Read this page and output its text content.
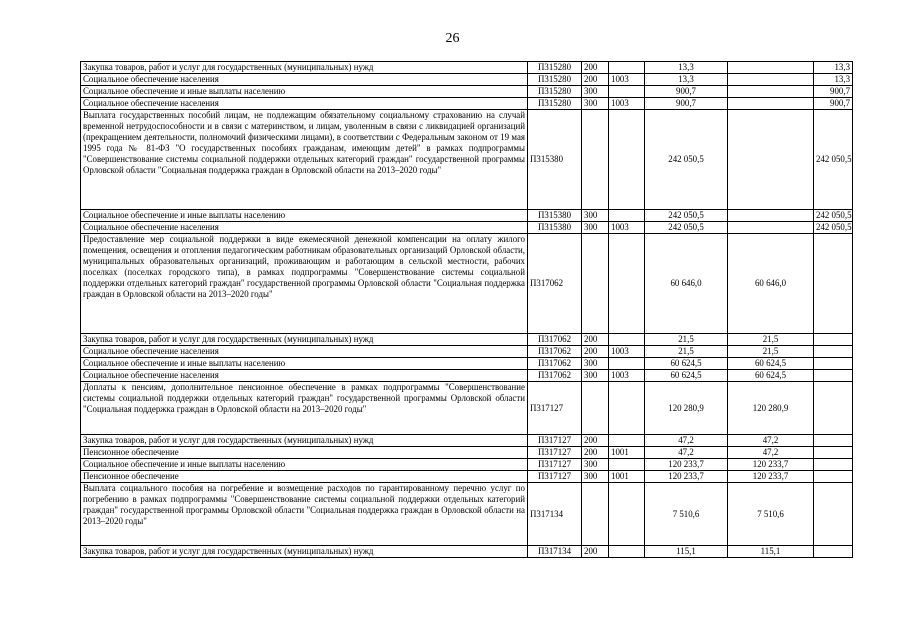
26
Закупка товаров, работ и услуг для государственных (муниципальных) нужд	П315280	200		13,3		13,3
Социальное обеспечение населения	П315280	200	1003	13,3		13,3
Социальное обеспечение и иные выплаты населению	П315280	300		900,7		900,7
Социальное обеспечение населения	П315280	300	1003	900,7		900,7
Выплата государственных пособий лицам, не подлежащим обязательному социальному страхованию на случай временной нетрудоспособности и в связи с материнством, и лицам, уволенным в связи с ликвидацией организаций (прекращением деятельности, полномочий физическими лицами), в соответствии с Федеральным законом от 19 мая 1995 года № 81-ФЗ "О государственных пособиях гражданам, имеющим детей" в рамках подпрограммы "Совершенствование системы социальной поддержки отдельных категорий граждан" государственной программы Орловской области "Социальная поддержка граждан в Орловской области на 2013–2020 годы"	П315380			242 050,5		242 050,5
Социальное обеспечение и иные выплаты населению	П315380	300		242 050,5		242 050,5
Социальное обеспечение населения	П315380	300	1003	242 050,5		242 050,5
Предоставление мер социальной поддержки в виде ежемесячной денежной компенсации на оплату жилого помещения, освещения и отопления педагогическим работникам образовательных организаций Орловской области, муниципальных образовательных организаций, проживающим и работающим в сельской местности, рабочих поселках (поселках городского типа), в рамках подпрограммы "Совершенствование системы социальной поддержки отдельных категорий граждан" государственной программы Орловской области "Социальная поддержка граждан в Орловской области на 2013–2020 годы"	П317062			60 646,0	60 646,0	
Закупка товаров, работ и услуг для государственных (муниципальных) нужд	П317062	200		21,5	21,5	
Социальное обеспечение населения	П317062	200	1003	21,5	21,5	
Социальное обеспечение и иные выплаты населению	П317062	300		60 624,5	60 624,5	
Социальное обеспечение населения	П317062	300	1003	60 624,5	60 624,5	
Доплаты к пенсиям, дополнительное пенсионное обеспечение в рамках подпрограммы "Совершенствование системы социальной поддержки отдельных категорий граждан" государственной программы Орловской области "Социальная поддержка граждан в Орловской области на 2013–2020 годы"	П317127			120 280,9	120 280,9	
Закупка товаров, работ и услуг для государственных (муниципальных) нужд	П317127	200		47,2	47,2	
Пенсионное обеспечение	П317127	200	1001	47,2	47,2	
Социальное обеспечение и иные выплаты населению	П317127	300		120 233,7	120 233,7	
Пенсионное обеспечение	П317127	300	1001	120 233,7	120 233,7	
Выплата социального пособия на погребение и возмещение расходов по гарантированному перечню услуг по погребению в рамках подпрограммы "Совершенствование системы социальной поддержки отдельных категорий граждан" государственной программы Орловской области "Социальная поддержка граждан в Орловской области на 2013–2020 годы"	П317134			7 510,6	7 510,6	
Закупка товаров, работ и услуг для государственных (муниципальных) нужд	П317134	200		115,1	115,1	
